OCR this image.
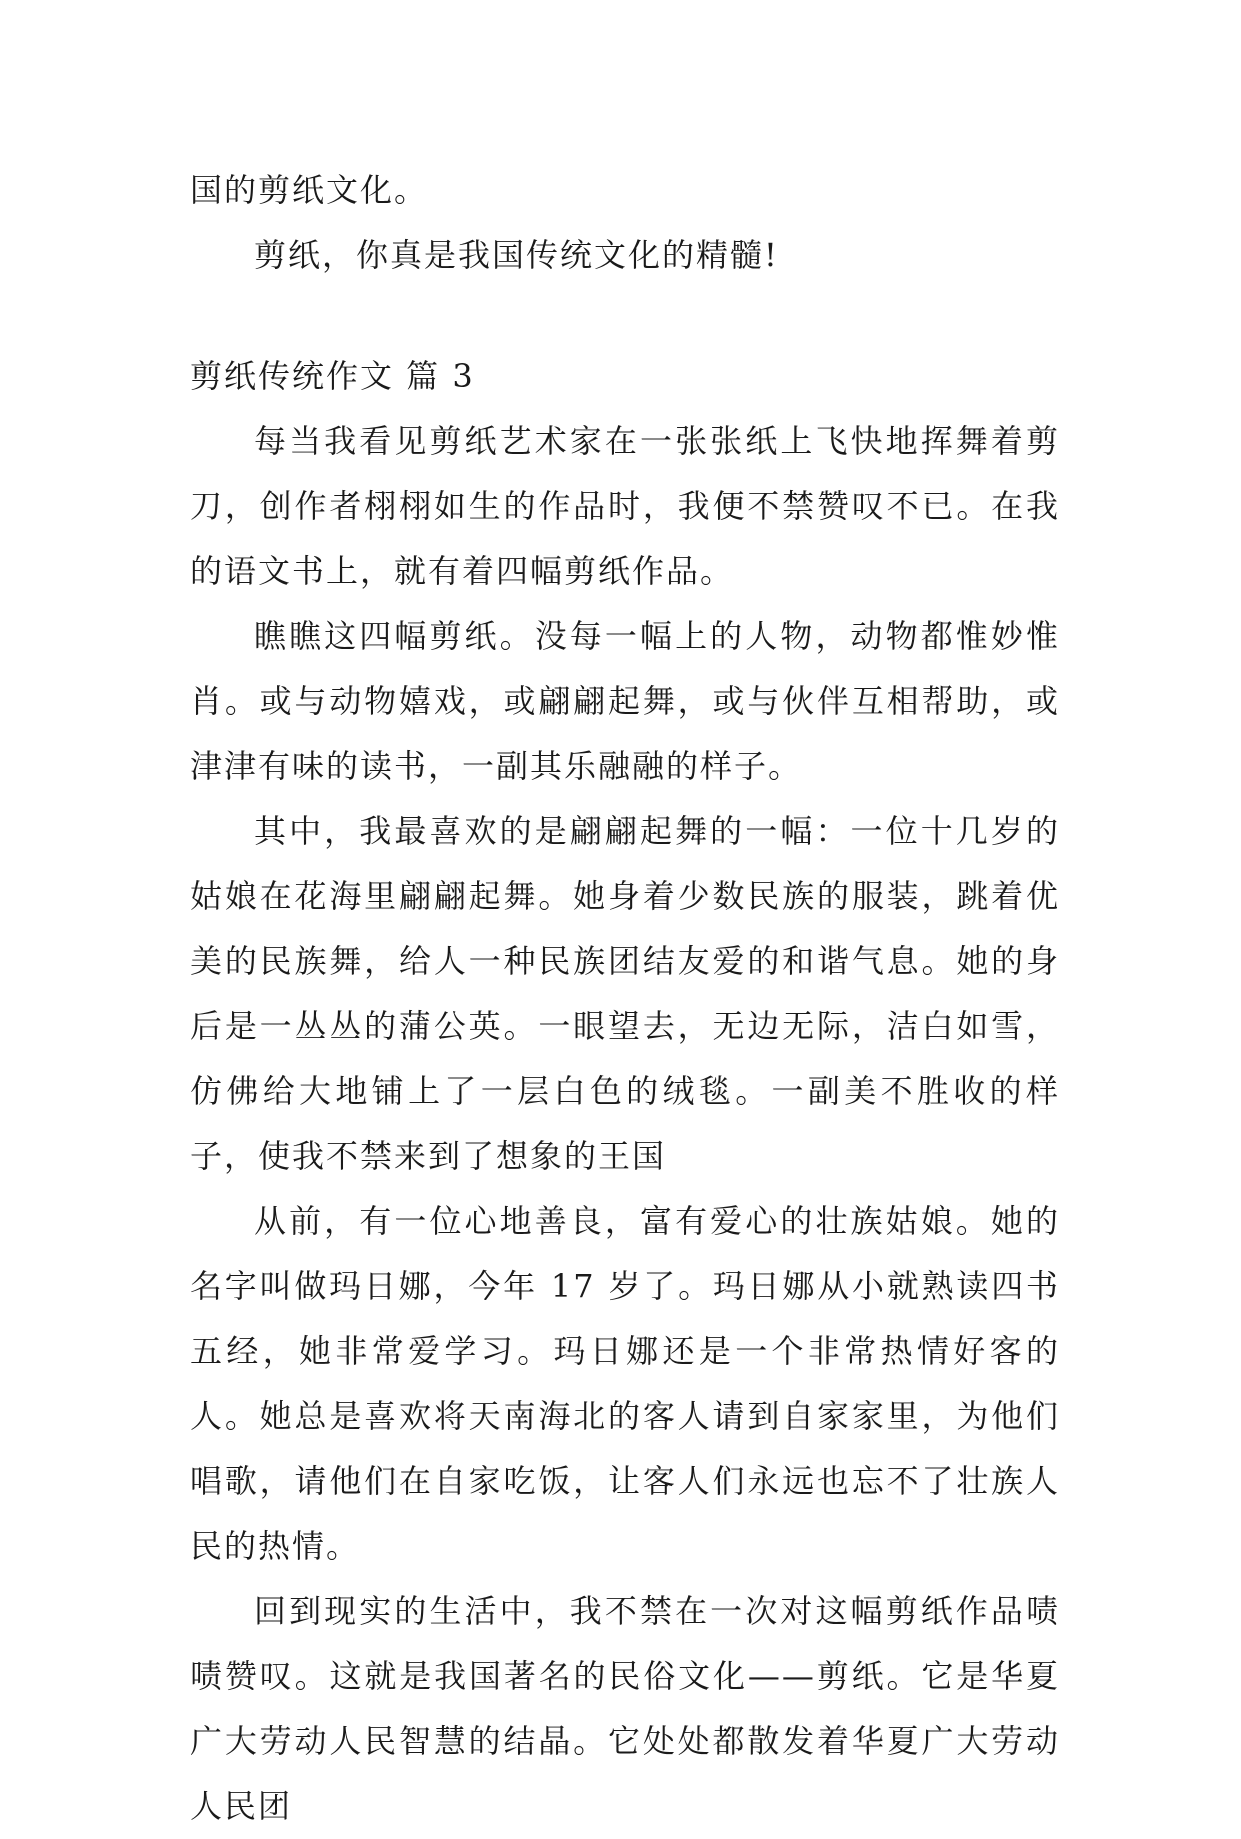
国的剪纸文化。

剪纸，你真是我国传统文化的精髓!

剪纸传统作文 篇 3

每当我看见剪纸艺术家在一张张纸上飞快地挥舞着剪刀，创作者栩栩如生的作品时，我便不禁赞叹不已。在我的语文书上，就有着四幅剪纸作品。

瞧瞧这四幅剪纸。没每一幅上的人物，动物都惟妙惟肖。或与动物嬉戏，或翩翩起舞，或与伙伴互相帮助，或津津有味的读书，一副其乐融融的样子。

其中，我最喜欢的是翩翩起舞的一幅：一位十几岁的姑娘在花海里翩翩起舞。她身着少数民族的服装，跳着优美的民族舞，给人一种民族团结友爱的和谐气息。她的身后是一丛丛的蒲公英。一眼望去，无边无际，洁白如雪，仿佛给大地铺上了一层白色的绒毯。一副美不胜收的样子，使我不禁来到了想象的王国

从前，有一位心地善良，富有爱心的壮族姑娘。她的名字叫做玛日娜，今年 17 岁了。玛日娜从小就熟读四书五经，她非常爱学习。玛日娜还是一个非常热情好客的人。她总是喜欢将天南海北的客人请到自家家里，为他们唱歌，请他们在自家吃饭，让客人们永远也忘不了壮族人民的热情。

回到现实的生活中，我不禁在一次对这幅剪纸作品啧啧赞叹。这就是我国著名的民俗文化——剪纸。它是华夏广大劳动人民智慧的结晶。它处处都散发着华夏广大劳动人民团
